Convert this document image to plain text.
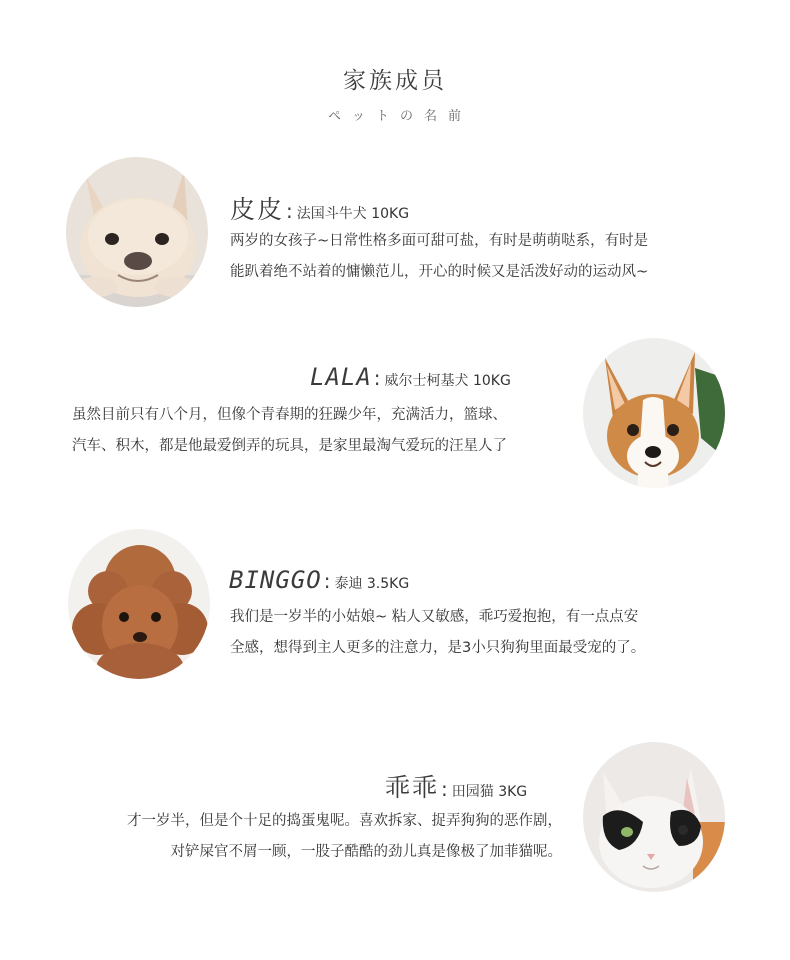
家族成员
ペットの名前
皮皮 : 法国斗牛犬 10KG
两岁的女孩子~日常性格多面可甜可盐，有时是萌萌哒系，有时是
能趴着绝不站着的慵懒范儿，开心的时候又是活泼好动的运动风~
LALA : 威尔士柯基犬 10KG
虽然目前只有八个月，但像个青春期的狂躁少年，充满活力，篮球、
汽车、积木，都是他最爱倒弄的玩具，是家里最淘气爱玩的汪星人了
BINGGO : 泰迪 3.5KG
我们是一岁半的小姑娘~ 粘人又敏感，乖巧爱抱抱，有一点点安
全感，想得到主人更多的注意力，是3小只狗狗里面最受宠的了。
乖乖 : 田园猫 3KG
才一岁半，但是个十足的捣蛋鬼呢。喜欢拆家、捉弄狗狗的恶作剧，
对铲屎官不屑一顾，一股子酷酷的劲儿真是像极了加菲猫呢。
